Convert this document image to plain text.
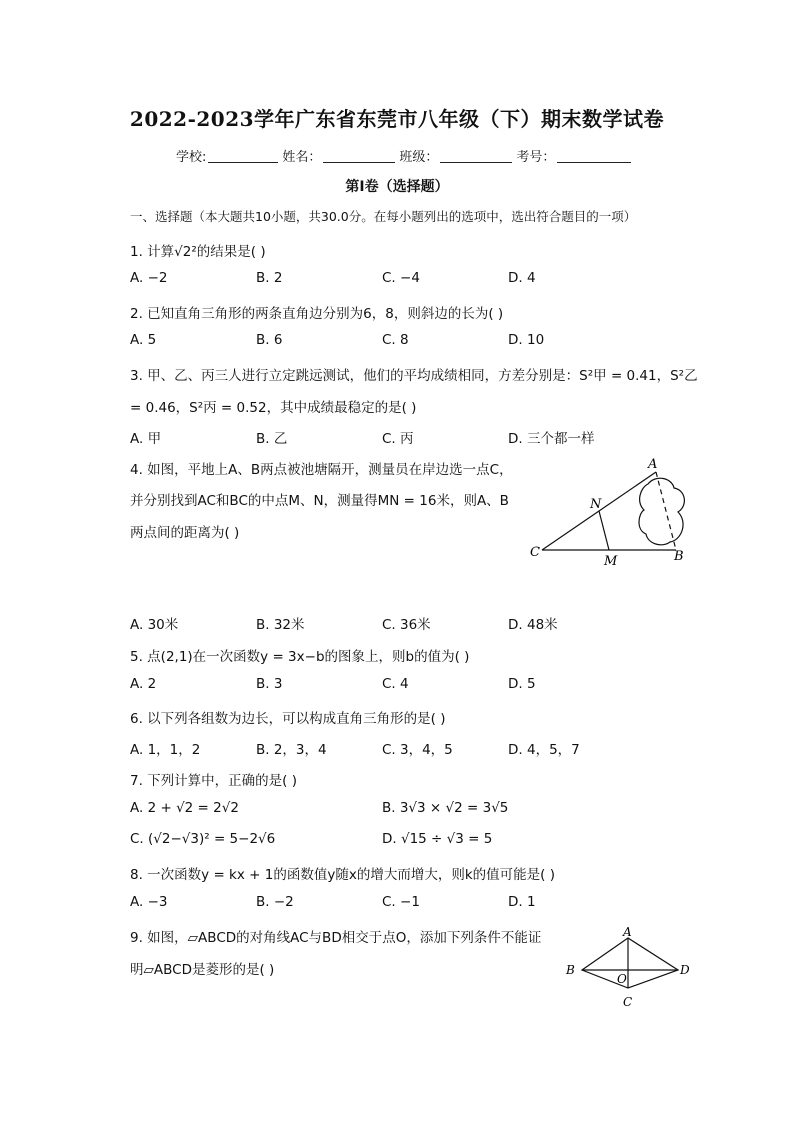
2022-2023学年广东省东莞市八年级（下）期末数学试卷
学校:	姓名：	班级：	考号：
第I卷（选择题）
一、选择题（本大题共10小题，共30.0分。在每小题列出的选项中，选出符合题目的一项）
1. 计算√2²的结果是( )
A. −2	B. 2	C. −4	D. 4
2. 已知直角三角形的两条直角边分别为6，8，则斜边的长为( )
A. 5	B. 6	C. 8	D. 10
3. 甲、乙、丙三人进行立定跳远测试，他们的平均成绩相同，方差分别是：S²甲 = 0.41，S²乙
= 0.46，S²丙 = 0.52，其中成绩最稳定的是( )
A. 甲	B. 乙	C. 丙	D. 三个都一样
4. 如图，平地上A、B两点被池塘隔开，测量员在岸边选一点C，
并分别找到AC和BC的中点M、N，测量得MN = 16米，则A、B
两点间的距离为( )
A
N
C
M	B
A. 30米	B. 32米	C. 36米	D. 48米
5. 点(2,1)在一次函数y = 3x−b的图象上，则b的值为( )
A. 2	B. 3	C. 4	D. 5
6. 以下列各组数为边长，可以构成直角三角形的是( )
A. 1，1，2	B. 2，3，4	C. 3，4，5	D. 4，5，7
7. 下列计算中，正确的是( )
A. 2 + √2 = 2√2	B. 3√3 × √2 = 3√5
C. (√2−√3)² = 5−2√6	D. √15 ÷ √3 = 5
8. 一次函数y = kx + 1的函数值y随x的增大而增大，则k的值可能是( )
A. −3	B. −2	C. −1	D. 1
9. 如图，▱ABCD的对角线AC与BD相交于点O，添加下列条件不能证
明▱ABCD是菱形的是( )
A
B
O
D
C
